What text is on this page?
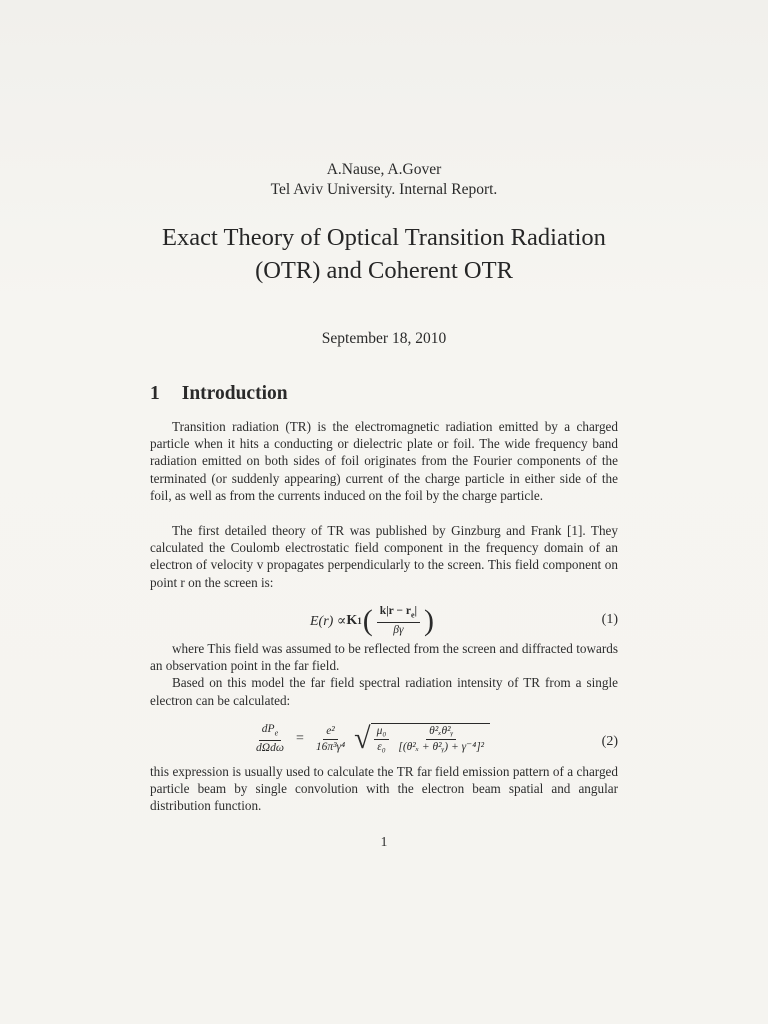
A.Nause, A.Gover
Tel Aviv University. Internal Report.
Exact Theory of Optical Transition Radiation
(OTR) and Coherent OTR
September 18, 2010
1 Introduction

Transition radiation (TR) is the electromagnetic radiation emitted by a charged particle when it hits a conducting or dielectric plate or foil. The wide frequency band radiation emitted on both sides of foil originates from the Fourier components of the terminated (or suddenly appearing) current of the charge particle in either side of the foil, as well as from the currents induced on the foil by the charge particle.

The first detailed theory of TR was published by Ginzburg and Frank [1]. They calculated the Coulomb electrostatic field component in the frequency domain of an electron of velocity v propagates perpendicularly to the screen. This field component on point r on the screen is:

E(r) ∝ K 1 ( $\frac{k|r - r_e|}{\beta\gamma}$ )	(1)

where This field was assumed to be reflected from the screen and diffracted towards an observation point in the far field.

Based on this model the far field spectral radiation intensity of TR from a single electron can be calculated:

$\frac{dP_e}{\text{dΩdω}} = \frac{\text{e²}}{\text{16π³γ⁴}}$ √ $\frac{\text{μ₀}}{\text{ε₀}} \frac{\text{θ²ₓθ²ᵧ}}{\text{[(θ²ₓ + θ²ᵧ) + γ⁻⁴]²}}$	(2)

this expression is usually used to calculate the TR far field emission pattern of a charged particle beam by single convolution with the electron beam spatial and angular distribution function.

1
